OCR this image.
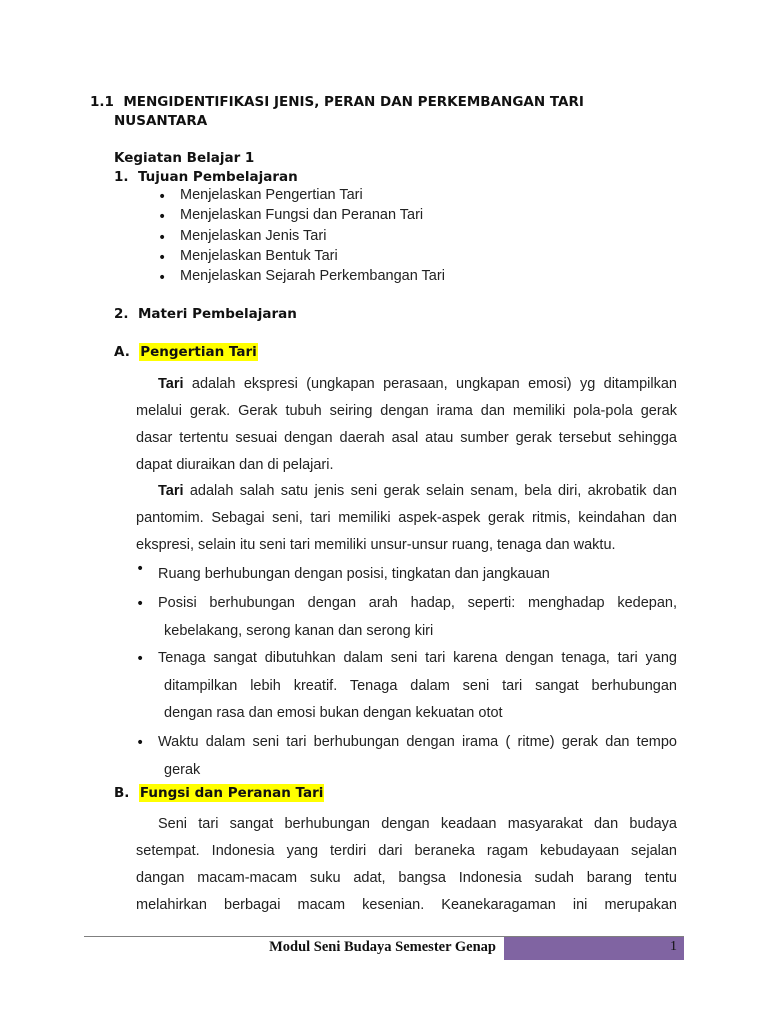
1.1 MENGIDENTIFIKASI JENIS, PERAN DAN PERKEMBANGAN TARI
NUSANTARA
Kegiatan Belajar 1
1. Tujuan Pembelajaran
• Menjelaskan Pengertian Tari
• Menjelaskan Fungsi dan Peranan Tari
• Menjelaskan Jenis Tari
• Menjelaskan Bentuk Tari
• Menjelaskan Sejarah Perkembangan Tari
2. Materi Pembelajaran
A. Pengertian Tari
Tari adalah ekspresi (ungkapan perasaan, ungkapan emosi) yg ditampilkan
melalui gerak. Gerak tubuh seiring dengan irama dan memiliki pola-pola gerak
dasar tertentu sesuai dengan daerah asal atau sumber gerak tersebut sehingga
dapat diuraikan dan di pelajari.
Tari adalah salah satu jenis seni gerak selain senam, bela diri, akrobatik dan
pantomim. Sebagai seni, tari memiliki aspek-aspek gerak ritmis, keindahan dan
ekspresi, selain itu seni tari memiliki unsur-unsur ruang, tenaga dan waktu.
• Ruang berhubungan dengan posisi, tingkatan dan jangkauan
• Posisi berhubungan dengan arah hadap, seperti: menghadap kedepan,
kebelakang, serong kanan dan serong kiri
• Tenaga sangat dibutuhkan dalam seni tari karena dengan tenaga, tari yang
ditampilkan lebih kreatif. Tenaga dalam seni tari sangat berhubungan
dengan rasa dan emosi bukan dengan kekuatan otot
• Waktu dalam seni tari berhubungan dengan irama ( ritme) gerak dan tempo
gerak
B. Fungsi dan Peranan Tari
Seni tari sangat berhubungan dengan keadaan masyarakat dan budaya
setempat. Indonesia yang terdiri dari beraneka ragam kebudayaan sejalan
dangan macam-macam suku adat, bangsa Indonesia sudah barang tentu
melahirkan berbagai macam kesenian. Keanekaragaman ini merupakan
Modul Seni Budaya Semester Genap	1
